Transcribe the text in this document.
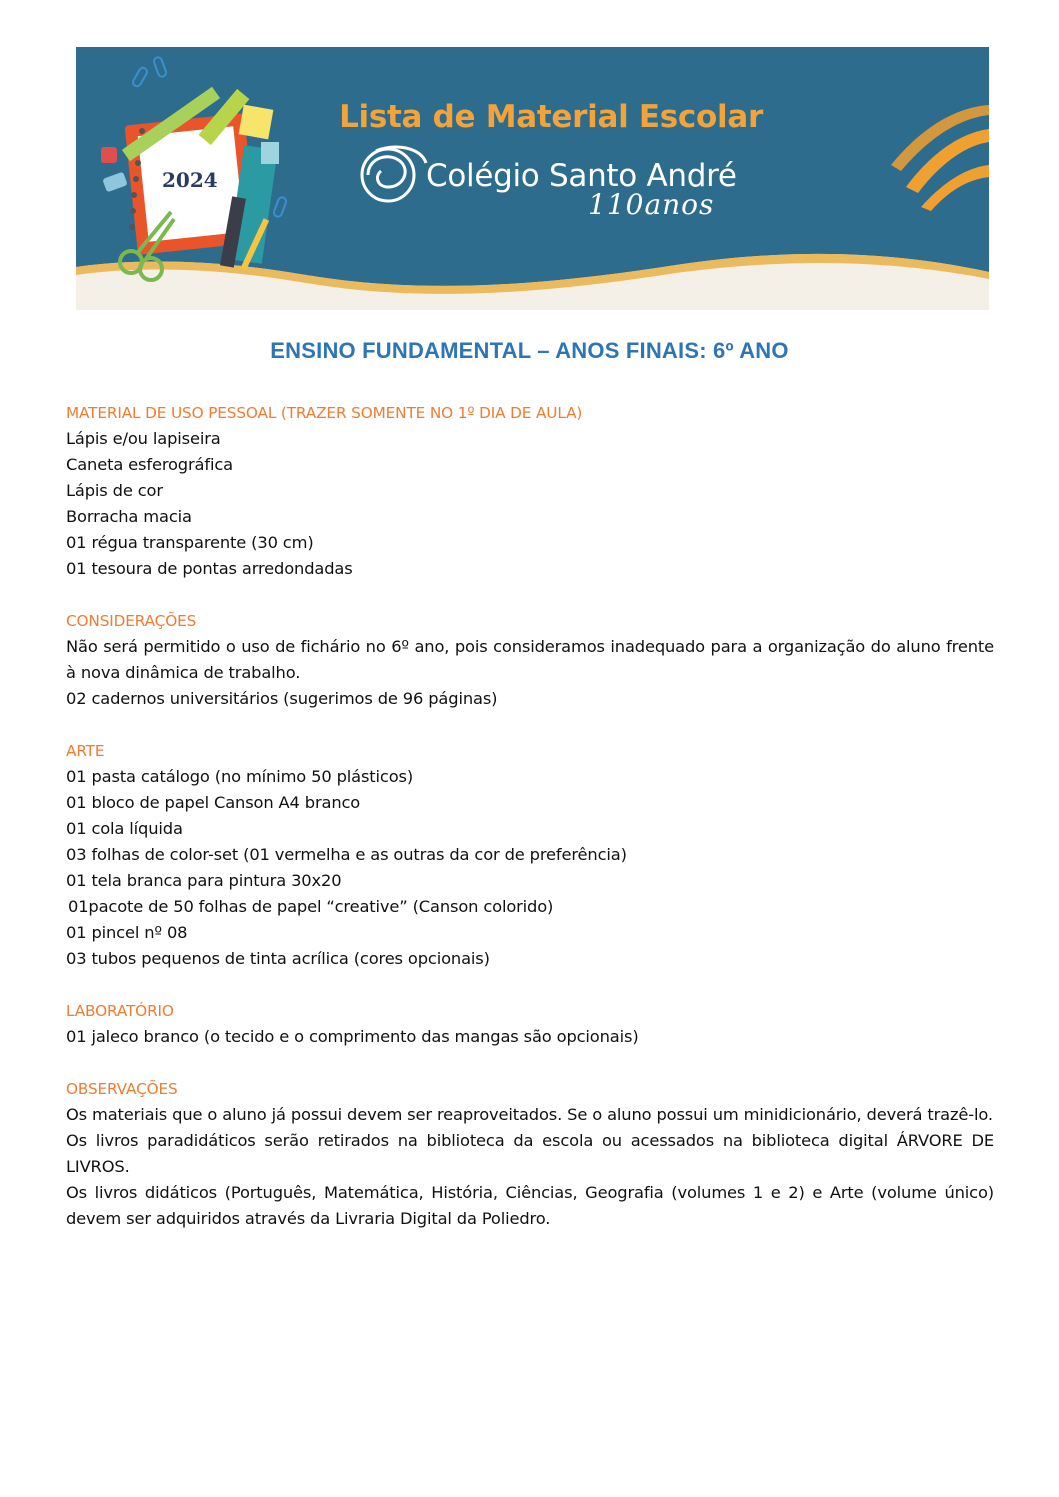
2024
Lista de Material Escolar
Colégio Santo André
110anos
ENSINO FUNDAMENTAL – ANOS FINAIS: 6º ANO
MATERIAL DE USO PESSOAL (TRAZER SOMENTE NO 1º DIA DE AULA)
Lápis e/ou lapiseira
Caneta esferográfica
Lápis de cor
Borracha macia
01 régua transparente (30 cm)
01 tesoura de pontas arredondadas
CONSIDERAÇÕES
Não será permitido o uso de fichário no 6º ano, pois consideramos inadequado para a organização do aluno frente à nova dinâmica de trabalho.
02 cadernos universitários (sugerimos de 96 páginas)
ARTE
01 pasta catálogo (no mínimo 50 plásticos)
01 bloco de papel Canson A4 branco
01 cola líquida
03 folhas de color-set (01 vermelha e as outras da cor de preferência)
01 tela branca para pintura 30x20
01pacote de 50 folhas de papel “creative” (Canson colorido)
01 pincel nº 08
03 tubos pequenos de tinta acrílica (cores opcionais)
LABORATÓRIO
01 jaleco branco (o tecido e o comprimento das mangas são opcionais)
OBSERVAÇÕES
Os materiais que o aluno já possui devem ser reaproveitados. Se o aluno possui um minidicionário, deverá trazê-lo.
Os livros paradidáticos serão retirados na biblioteca da escola ou acessados na biblioteca digital ÁRVORE DE LIVROS.
Os livros didáticos (Português, Matemática, História, Ciências, Geografia (volumes 1 e 2) e Arte (volume único) devem ser adquiridos através da Livraria Digital da Poliedro.
